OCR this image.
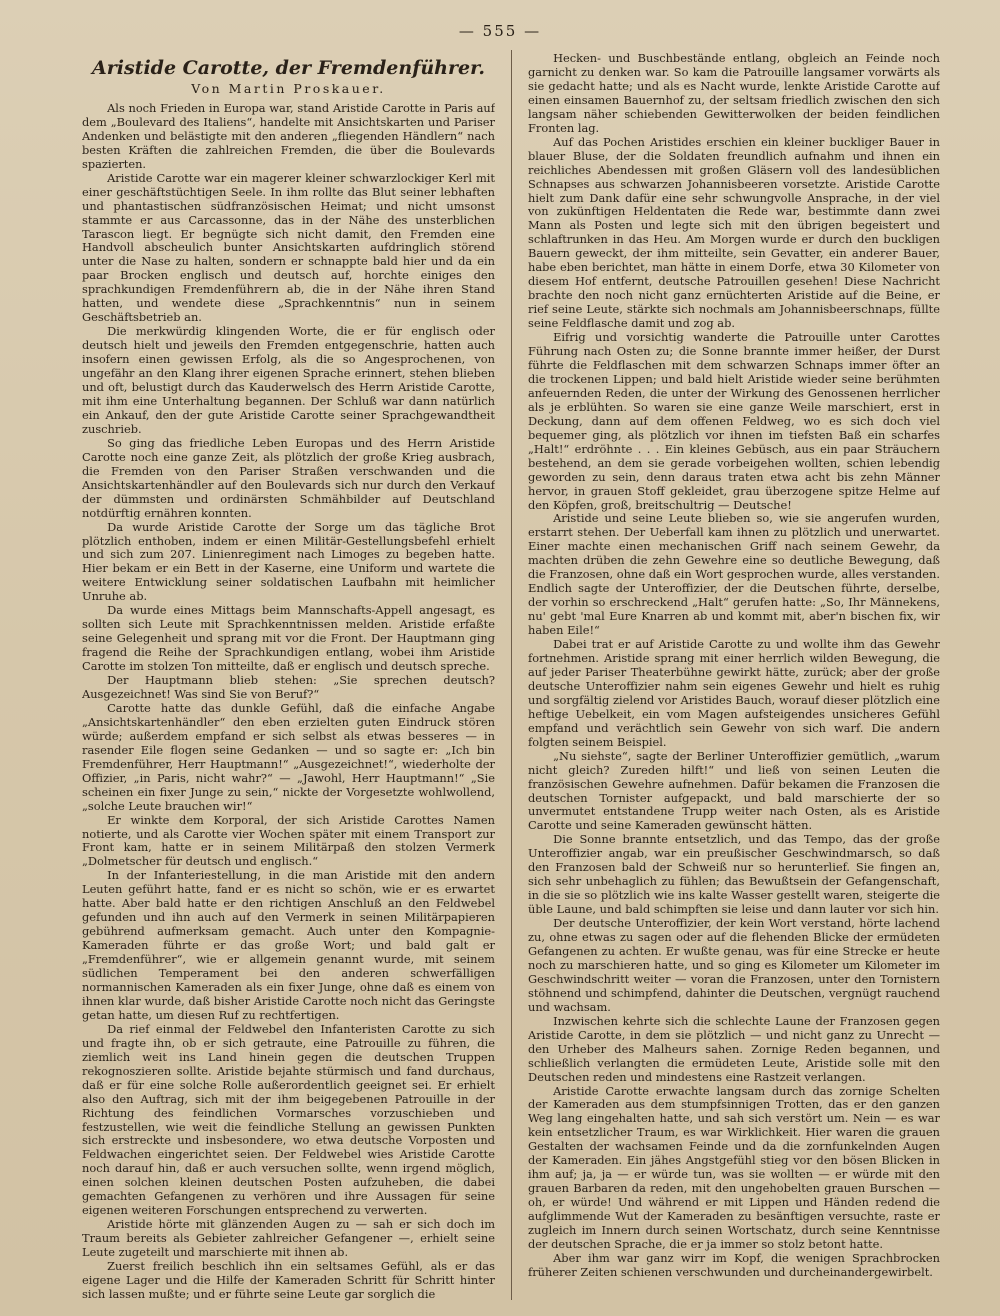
— 555 —
Aristide Carotte, der Fremdenführer.
Von Martin Proskauer.

Als noch Frieden in Europa war, stand Aristide Carotte in Paris auf dem „Boulevard des Italiens“, handelte mit Ansichtskarten und Pariser Andenken und belästigte mit den anderen „fliegenden Händlern“ nach besten Kräften die zahlreichen Fremden, die über die Boulevards spazierten.

Aristide Carotte war ein magerer kleiner schwarzlockiger Kerl mit einer geschäftstüchtigen Seele. In ihm rollte das Blut seiner lebhaften und phantastischen südfranzösischen Heimat; und nicht umsonst stammte er aus Carcassonne, das in der Nähe des unsterblichen Tarascon liegt. Er begnügte sich nicht damit, den Fremden eine Handvoll abscheulich bunter Ansichtskarten aufdringlich störend unter die Nase zu halten, sondern er schnappte bald hier und da ein paar Brocken englisch und deutsch auf, horchte einiges den sprachkundigen Fremdenführern ab, die in der Nähe ihren Stand hatten, und wendete diese „Sprachkenntnis“ nun in seinem Geschäftsbetrieb an.

Die merkwürdig klingenden Worte, die er für englisch oder deutsch hielt und jeweils den Fremden entgegenschrie, hatten auch insofern einen gewissen Erfolg, als die so Angesprochenen, von ungefähr an den Klang ihrer eigenen Sprache erinnert, stehen blieben und oft, belustigt durch das Kauderwelsch des Herrn Aristide Carotte, mit ihm eine Unterhaltung begannen. Der Schluß war dann natürlich ein Ankauf, den der gute Aristide Carotte seiner Sprachgewandtheit zuschrieb.

So ging das friedliche Leben Europas und des Herrn Aristide Carotte noch eine ganze Zeit, als plötzlich der große Krieg ausbrach, die Fremden von den Pariser Straßen verschwanden und die Ansichtskartenhändler auf den Boulevards sich nur durch den Verkauf der dümmsten und ordinärsten Schmähbilder auf Deutschland notdürftig ernähren konnten.

Da wurde Aristide Carotte der Sorge um das tägliche Brot plötzlich enthoben, indem er einen Militär-Gestellungsbefehl erhielt und sich zum 207. Linienregiment nach Limoges zu begeben hatte. Hier bekam er ein Bett in der Kaserne, eine Uniform und wartete die weitere Entwicklung seiner soldatischen Laufbahn mit heimlicher Unruhe ab.

Da wurde eines Mittags beim Mannschafts-Appell angesagt, es sollten sich Leute mit Sprachkenntnissen melden. Aristide erfaßte seine Gelegenheit und sprang mit vor die Front. Der Hauptmann ging fragend die Reihe der Sprachkundigen entlang, wobei ihm Aristide Carotte im stolzen Ton mitteilte, daß er englisch und deutsch spreche.

Der Hauptmann blieb stehen: „Sie sprechen deutsch? Ausgezeichnet! Was sind Sie von Beruf?“

Carotte hatte das dunkle Gefühl, daß die einfache Angabe „Ansichtskartenhändler“ den eben erzielten guten Eindruck stören würde; außerdem empfand er sich selbst als etwas besseres — in rasender Eile flogen seine Gedanken — und so sagte er: „Ich bin Fremdenführer, Herr Hauptmann!“ „Ausgezeichnet!“, wiederholte der Offizier, „in Paris, nicht wahr?“ — „Jawohl, Herr Hauptmann!“ „Sie scheinen ein fixer Junge zu sein,“ nickte der Vorgesetzte wohlwollend, „solche Leute brauchen wir!“

Er winkte dem Korporal, der sich Aristide Carottes Namen notierte, und als Carotte vier Wochen später mit einem Transport zur Front kam, hatte er in seinem Militärpaß den stolzen Vermerk „Dolmetscher für deutsch und englisch.“

In der Infanteriestellung, in die man Aristide mit den andern Leuten geführt hatte, fand er es nicht so schön, wie er es erwartet hatte. Aber bald hatte er den richtigen Anschluß an den Feldwebel gefunden und ihn auch auf den Vermerk in seinen Militärpapieren gebührend aufmerksam gemacht. Auch unter den Kompagnie-Kameraden führte er das große Wort; und bald galt er „Fremdenführer“, wie er allgemein genannt wurde, mit seinem südlichen Temperament bei den anderen schwerfälligen normannischen Kameraden als ein fixer Junge, ohne daß es einem von ihnen klar wurde, daß bisher Aristide Carotte noch nicht das Geringste getan hatte, um diesen Ruf zu rechtfertigen.

Da rief einmal der Feldwebel den Infanteristen Carotte zu sich und fragte ihn, ob er sich getraute, eine Patrouille zu führen, die ziemlich weit ins Land hinein gegen die deutschen Truppen rekognoszieren sollte. Aristide bejahte stürmisch und fand durchaus, daß er für eine solche Rolle außerordentlich geeignet sei. Er erhielt also den Auftrag, sich mit der ihm beigegebenen Patrouille in der Richtung des feindlichen Vormarsches vorzuschieben und festzustellen, wie weit die feindliche Stellung an gewissen Punkten sich erstreckte und insbesondere, wo etwa deutsche Vorposten und Feldwachen eingerichtet seien. Der Feldwebel wies Aristide Carotte noch darauf hin, daß er auch versuchen sollte, wenn irgend möglich, einen solchen kleinen deutschen Posten aufzuheben, die dabei gemachten Gefangenen zu verhören und ihre Aussagen für seine eigenen weiteren Forschungen entsprechend zu verwerten.

Aristide hörte mit glänzenden Augen zu — sah er sich doch im Traum bereits als Gebieter zahlreicher Gefangener —, erhielt seine Leute zugeteilt und marschierte mit ihnen ab.

Zuerst freilich beschlich ihn ein seltsames Gefühl, als er das eigene Lager und die Hilfe der Kameraden Schritt für Schritt hinter sich lassen mußte; und er führte seine Leute gar sorglich die

Hecken- und Buschbestände entlang, obgleich an Feinde noch garnicht zu denken war. So kam die Patrouille langsamer vorwärts als sie gedacht hatte; und als es Nacht wurde, lenkte Aristide Carotte auf einen einsamen Bauernhof zu, der seltsam friedlich zwischen den sich langsam näher schiebenden Gewitterwolken der beiden feindlichen Fronten lag.

Auf das Pochen Aristides erschien ein kleiner buckliger Bauer in blauer Bluse, der die Soldaten freundlich aufnahm und ihnen ein reichliches Abendessen mit großen Gläsern voll des landesüblichen Schnapses aus schwarzen Johannisbeeren vorsetzte. Aristide Carotte hielt zum Dank dafür eine sehr schwungvolle Ansprache, in der viel von zukünftigen Heldentaten die Rede war, bestimmte dann zwei Mann als Posten und legte sich mit den übrigen begeistert und schlaftrunken in das Heu. Am Morgen wurde er durch den buckligen Bauern geweckt, der ihm mitteilte, sein Gevatter, ein anderer Bauer, habe eben berichtet, man hätte in einem Dorfe, etwa 30 Kilometer von diesem Hof entfernt, deutsche Patrouillen gesehen! Diese Nachricht brachte den noch nicht ganz ernüchterten Aristide auf die Beine, er rief seine Leute, stärkte sich nochmals am Johannisbeerschnaps, füllte seine Feldflasche damit und zog ab.

Eifrig und vorsichtig wanderte die Patrouille unter Carottes Führung nach Osten zu; die Sonne brannte immer heißer, der Durst führte die Feldflaschen mit dem schwarzen Schnaps immer öfter an die trockenen Lippen; und bald hielt Aristide wieder seine berühmten anfeuernden Reden, die unter der Wirkung des Genossenen herrlicher als je erblühten. So waren sie eine ganze Weile marschiert, erst in Deckung, dann auf dem offenen Feldweg, wo es sich doch viel bequemer ging, als plötzlich vor ihnen im tiefsten Baß ein scharfes „Halt!“ erdröhnte . . . Ein kleines Gebüsch, aus ein paar Sträuchern bestehend, an dem sie gerade vorbeigehen wollten, schien lebendig geworden zu sein, denn daraus traten etwa acht bis zehn Männer hervor, in grauen Stoff gekleidet, grau überzogene spitze Helme auf den Köpfen, groß, breitschultrig — Deutsche!

Aristide und seine Leute blieben so, wie sie angerufen wurden, erstarrt stehen. Der Ueberfall kam ihnen zu plötzlich und unerwartet. Einer machte einen mechanischen Griff nach seinem Gewehr, da machten drüben die zehn Gewehre eine so deutliche Bewegung, daß die Franzosen, ohne daß ein Wort gesprochen wurde, alles verstanden. Endlich sagte der Unteroffizier, der die Deutschen führte, derselbe, der vorhin so erschreckend „Halt“ gerufen hatte: „So, Ihr Männekens, nu' gebt 'mal Eure Knarren ab und kommt mit, aber'n bischen fix, wir haben Eile!“

Dabei trat er auf Aristide Carotte zu und wollte ihm das Gewehr fortnehmen. Aristide sprang mit einer herrlich wilden Bewegung, die auf jeder Pariser Theaterbühne gewirkt hätte, zurück; aber der große deutsche Unteroffizier nahm sein eigenes Gewehr und hielt es ruhig und sorgfältig zielend vor Aristides Bauch, worauf dieser plötzlich eine heftige Uebelkeit, ein vom Magen aufsteigendes unsicheres Gefühl empfand und verächtlich sein Gewehr von sich warf. Die andern folgten seinem Beispiel.

„Nu siehste“, sagte der Berliner Unteroffizier gemütlich, „warum nicht gleich? Zureden hilft!“ und ließ von seinen Leuten die französischen Gewehre aufnehmen. Dafür bekamen die Franzosen die deutschen Tornister aufgepackt, und bald marschierte der so unvermutet entstandene Trupp weiter nach Osten, als es Aristide Carotte und seine Kameraden gewünscht hätten.

Die Sonne brannte entsetzlich, und das Tempo, das der große Unteroffizier angab, war ein preußischer Geschwindmarsch, so daß den Franzosen bald der Schweiß nur so herunterlief. Sie fingen an, sich sehr unbehaglich zu fühlen; das Bewußtsein der Gefangenschaft, in die sie so plötzlich wie ins kalte Wasser gestellt waren, steigerte die üble Laune, und bald schimpften sie leise und dann lauter vor sich hin.

Der deutsche Unteroffizier, der kein Wort verstand, hörte lachend zu, ohne etwas zu sagen oder auf die flehenden Blicke der ermüdeten Gefangenen zu achten. Er wußte genau, was für eine Strecke er heute noch zu marschieren hatte, und so ging es Kilometer um Kilometer im Geschwindschritt weiter — voran die Franzosen, unter den Tornistern stöhnend und schimpfend, dahinter die Deutschen, vergnügt rauchend und wachsam.

Inzwischen kehrte sich die schlechte Laune der Franzosen gegen Aristide Carotte, in dem sie plötzlich — und nicht ganz zu Unrecht — den Urheber des Malheurs sahen. Zornige Reden begannen, und schließlich verlangten die ermüdeten Leute, Aristide solle mit den Deutschen reden und mindestens eine Rastzeit verlangen.

Aristide Carotte erwachte langsam durch das zornige Schelten der Kameraden aus dem stumpfsinnigen Trotten, das er den ganzen Weg lang eingehalten hatte, und sah sich verstört um. Nein — es war kein entsetzlicher Traum, es war Wirklichkeit. Hier waren die grauen Gestalten der wachsamen Feinde und da die zornfunkelnden Augen der Kameraden. Ein jähes Angstgefühl stieg vor den bösen Blicken in ihm auf; ja, ja — er würde tun, was sie wollten — er würde mit den grauen Barbaren da reden, mit den ungehobelten grauen Burschen — oh, er würde! Und während er mit Lippen und Händen redend die aufglimmende Wut der Kameraden zu besänftigen versuchte, raste er zugleich im Innern durch seinen Wortschatz, durch seine Kenntnisse der deutschen Sprache, die er ja immer so stolz betont hatte.

Aber ihm war ganz wirr im Kopf, die wenigen Sprachbrocken früherer Zeiten schienen verschwunden und durcheinandergewirbelt.
